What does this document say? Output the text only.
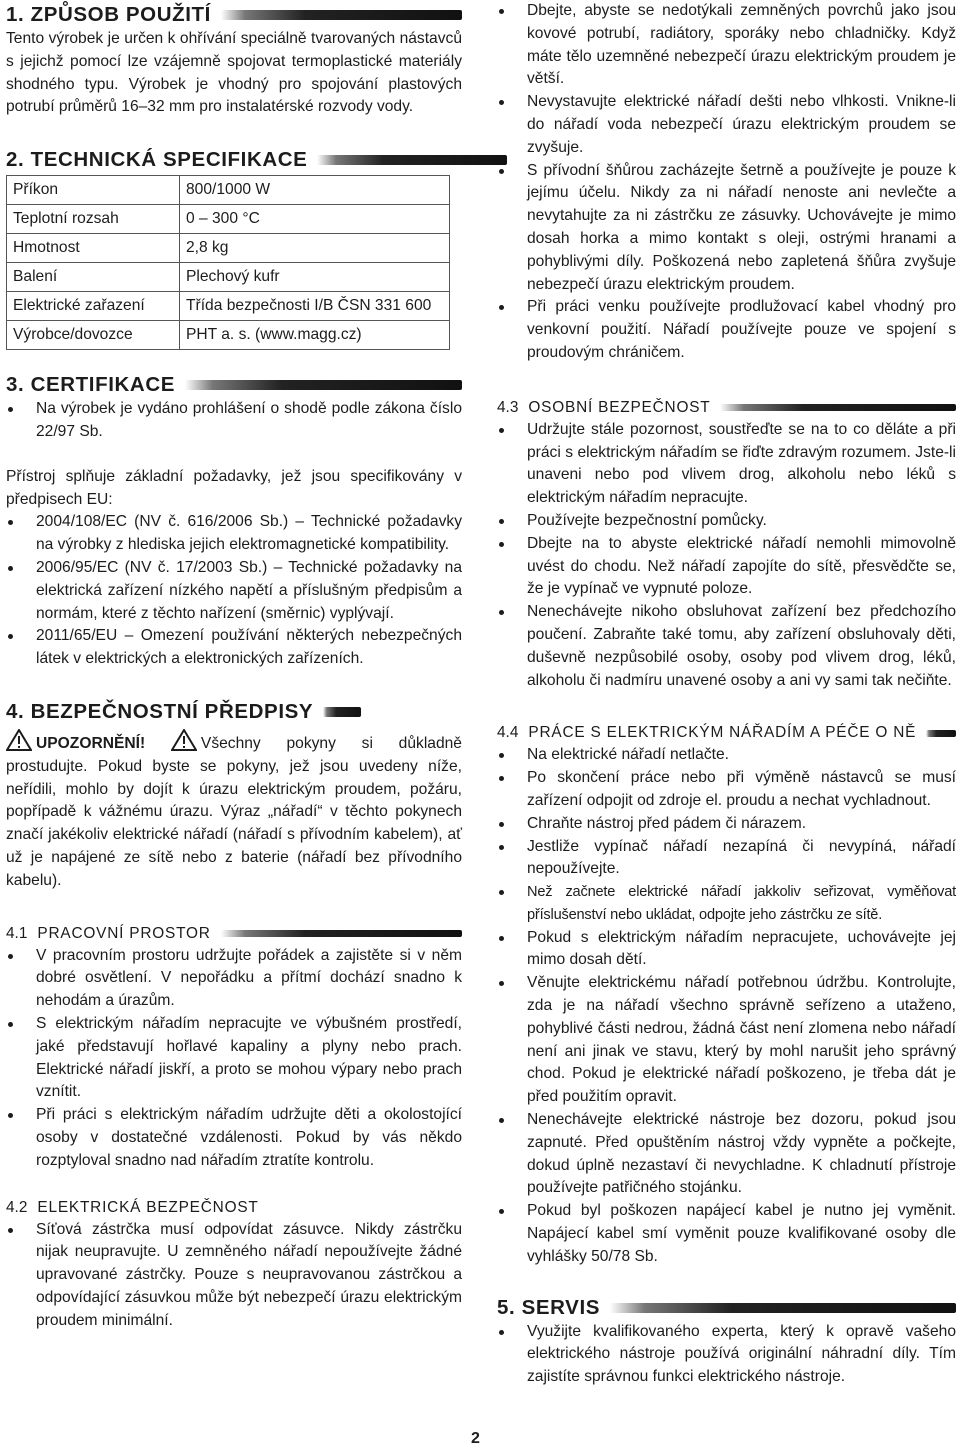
1. ZPŮSOB POUŽITÍ

Tento výrobek je určen k ohřívání speciálně tvarovaných nástavců s jejichž pomocí lze vzájemně spojovat termoplastické materiály shodného typu. Výrobek je vhodný pro spojování plastových potrubí průměrů 16–32 mm pro instalatérské rozvody vody.

2. TECHNICKÁ SPECIFIKACE
Příkon	800/1000 W
Teplotní rozsah	0 – 300 °C
Hmotnost	2,8 kg
Balení	Plechový kufr
Elektrické zařazení	Třída bezpečnosti I/B ČSN 331 600
Výrobce/dovozce	PHT a. s. (www.magg.cz)
3. CERTIFIKACE
Na výrobek je vydáno prohlášení o shodě podle zákona číslo 22/97 Sb.

Přístroj splňuje základní požadavky, jež jsou specifikovány v předpisech EU:

2004/108/EC (NV č. 616/2006 Sb.) – Technické požadavky na výrobky z hlediska jejich elektromagnetické kompatibility.
2006/95/EC (NV č. 17/2003 Sb.) – Technické požadavky na elektrická zařízení nízkého napětí a příslušným předpisům a normám, které z těchto nařízení (směrnic) vyplývají.
2011/65/EU – Omezení používání některých nebezpečných látek v elektrických a elektronických zařízeních.
4. BEZPEČNOSTNÍ PŘEDPISY

UPOZORNĚNÍ!	Všechny pokyny si důkladně prostudujte. Pokud byste se pokyny, jež jsou uvedeny níže, neřídili, mohlo by dojít k úrazu elektrickým proudem, požáru, popřípadě k vážnému úrazu. Výraz „nářadí“ v těchto pokynech značí jakékoliv elektrické nářadí (nářadí s přívodním kabelem), ať už je napájené ze sítě nebo z baterie (nářadí bez přívodního kabelu).

4.1 PRACOVNÍ PROSTOR
V pracovním prostoru udržujte pořádek a zajistěte si v něm dobré osvětlení. V nepořádku a přítmí dochází snadno k nehodám a úrazům.
S elektrickým nářadím nepracujte ve výbušném prostředí, jaké představují hořlavé kapaliny a plyny nebo prach. Elektrické nářadí jiskří, a proto se mohou výpary nebo prach vznítit.
Při práci s elektrickým nářadím udržujte děti a okolostojící osoby v dostatečné vzdálenosti. Pokud by vás někdo rozptyloval snadno nad nářadím ztratíte kontrolu.
4.2 ELEKTRICKÁ BEZPEČNOST
Síťová zástrčka musí odpovídat zásuvce. Nikdy zástrčku nijak neupravujte. U zemněného nářadí nepoužívejte žádné upravované zástrčky. Pouze s neupravovanou zástrčkou a odpovídající zásuvkou může být nebezpečí úrazu elektrickým proudem minimální.
Dbejte, abyste se nedotýkali zemněných povrchů jako jsou kovové potrubí, radiátory, sporáky nebo chladničky. Když máte tělo uzemněné nebezpečí úrazu elektrickým proudem je větší.
Nevystavujte elektrické nářadí dešti nebo vlhkosti. Vnikne-li do nářadí voda nebezpečí úrazu elektrickým proudem se zvyšuje.
S přívodní šňůrou zacházejte šetrně a používejte je pouze k jejímu účelu. Nikdy za ni nářadí nenoste ani nevlečte a nevytahujte za ni zástrčku ze zásuvky. Uchovávejte je mimo dosah horka a mimo kontakt s oleji, ostrými hranami a pohyblivými díly. Poškozená nebo zapletená šňůra zvyšuje nebezpečí úrazu elektrickým proudem.
Při práci venku používejte prodlužovací kabel vhodný pro venkovní použití. Nářadí používejte pouze ve spojení s proudovým chráničem.
4.3 OSOBNÍ BEZPEČNOST
Udržujte stále pozornost, soustřeďte se na to co děláte a při práci s elektrickým nářadím se řiďte zdravým rozumem. Jste-li unaveni nebo pod vlivem drog, alkoholu nebo léků s elektrickým nářadím nepracujte.
Používejte bezpečnostní pomůcky.
Dbejte na to abyste elektrické nářadí nemohli mimovolně uvést do chodu. Než nářadí zapojíte do sítě, přesvědčte se, že je vypínač ve vypnuté poloze.
Nenechávejte nikoho obsluhovat zařízení bez předchozího poučení. Zabraňte také tomu, aby zařízení obsluhovaly děti, duševně nezpůsobilé osoby, osoby pod vlivem drog, léků, alkoholu či nadmíru unavené osoby a ani vy sami tak nečiňte.
4.4 PRÁCE S ELEKTRICKÝM NÁŘADÍM A PÉČE O NĚ
Na elektrické nářadí netlačte.
Po skončení práce nebo při výměně nástavců se musí zařízení odpojit od zdroje el. proudu a nechat vychladnout.
Chraňte nástroj před pádem či nárazem.
Jestliže vypínač nářadí nezapíná či nevypíná, nářadí nepoužívejte.
Než začnete elektrické nářadí jakkoliv seřizovat, vyměňovat příslušenství nebo ukládat, odpojte jeho zástrčku ze sítě.
Pokud s elektrickým nářadím nepracujete, uchovávejte jej mimo dosah dětí.
Věnujte elektrickému nářadí potřebnou údržbu. Kontrolujte, zda je na nářadí všechno správně seřízeno a utaženo, pohyblivé části nedrou, žádná část není zlomena nebo nářadí není ani jinak ve stavu, který by mohl narušit jeho správný chod. Pokud je elektrické nářadí poškozeno, je třeba dát je před použitím opravit.
Nenechávejte elektrické nástroje bez dozoru, pokud jsou zapnuté. Před opuštěním nástroj vždy vypněte a počkejte, dokud úplně nezastaví či nevychladne. K chladnutí přístroje používejte patřičného stojánku.
Pokud byl poškozen napájecí kabel je nutno jej vyměnit. Napájecí kabel smí vyměnit pouze kvalifikované osoby dle vyhlášky 50/78 Sb.
5. SERVIS
Využijte kvalifikovaného experta, který k opravě vašeho elektrického nástroje používá originální náhradní díly. Tím zajistíte správnou funkci elektrického nástroje.
2
